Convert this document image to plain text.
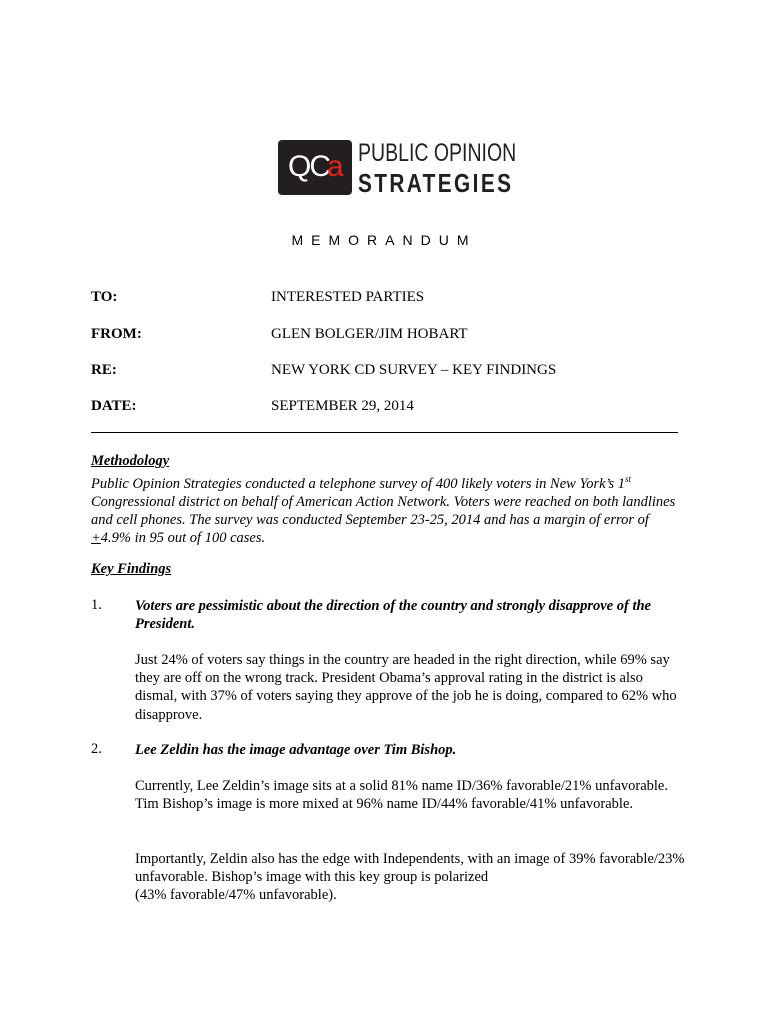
QC
a PUBLIC OPINION
STRATEGIES
MEMORANDUM
TO:	INTERESTED PARTIES
FROM:	GLEN BOLGER/JIM HOBART
RE:	NEW YORK CD SURVEY – KEY FINDINGS
DATE:	SEPTEMBER 29, 2014
Methodology
Public Opinion Strategies conducted a telephone survey of 400 likely voters in New York’s 1st Congressional district on behalf of American Action Network. Voters were reached on both landlines and cell phones. The survey was conducted September 23-25, 2014 and has a margin of error of +4.9% in 95 out of 100 cases.
Key Findings
1. Voters are pessimistic about the direction of the country and strongly disapprove of the President.
Just 24% of voters say things in the country are headed in the right direction, while 69% say they are off on the wrong track. President Obama’s approval rating in the district is also dismal, with 37% of voters saying they approve of the job he is doing, compared to 62% who disapprove.
2. Lee Zeldin has the image advantage over Tim Bishop.
Currently, Lee Zeldin’s image sits at a solid 81% name ID/36% favorable/21% unfavorable. Tim Bishop’s image is more mixed at 96% name ID/44% favorable/41% unfavorable.
Importantly, Zeldin also has the edge with Independents, with an image of 39% favorable/23% unfavorable. Bishop’s image with this key group is polarized
(43% favorable/47% unfavorable).
